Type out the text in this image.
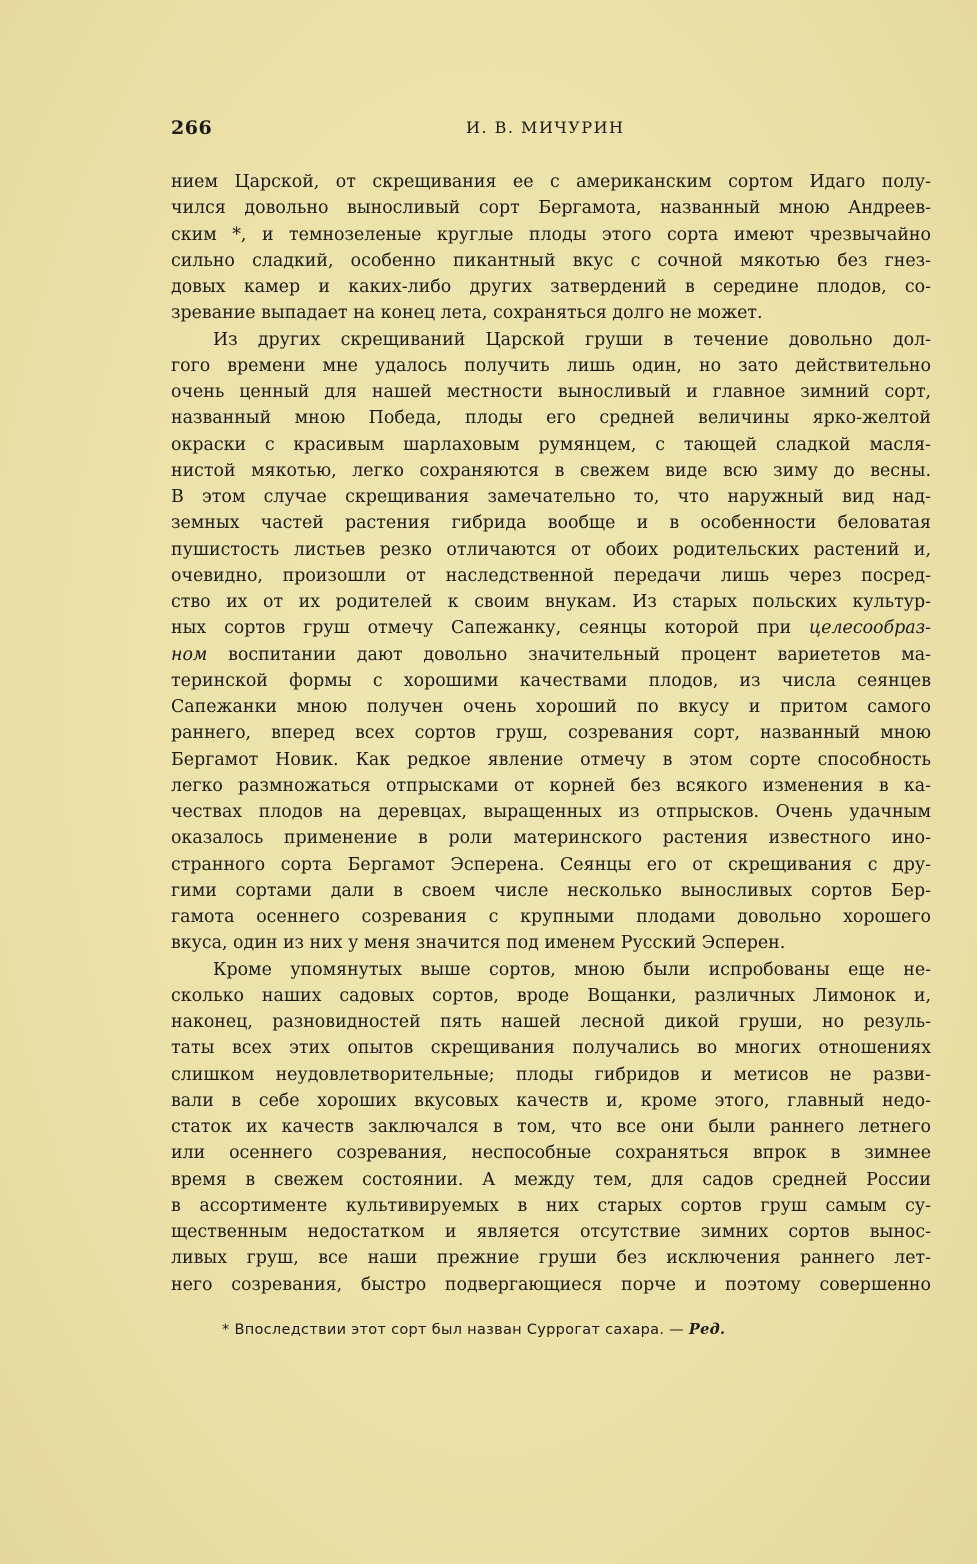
266	И. В. МИЧУРИН
нием Царской, от скрещивания ее с американским сортом Идаго полу-
чился довольно выносливый сорт Бергамота, названный мною Андреев-
ским *, и темнозеленые круглые плоды этого сорта имеют чрезвычайно
сильно сладкий, особенно пикантный вкус с сочной мякотью без гнез-
довых камер и каких-либо других затвердений в середине плодов, со-
зревание выпадает на конец лета, сохраняться долго не может.
Из других скрещиваний Царской груши в течение довольно дол-
гого времени мне удалось получить лишь один, но зато действительно
очень ценный для нашей местности выносливый и главное зимний сорт,
названный мною Победа, плоды его средней величины ярко-желтой
окраски с красивым шарлаховым румянцем, с тающей сладкой масля-
нистой мякотью, легко сохраняются в свежем виде всю зиму до весны.
В этом случае скрещивания замечательно то, что наружный вид над-
земных частей растения гибрида вообще и в особенности беловатая
пушистость листьев резко отличаются от обоих родительских растений и,
очевидно, произошли от наследственной передачи лишь через посред-
ство их от их родителей к своим внукам. Из старых польских культур-
ных сортов груш отмечу Сапежанку, сеянцы которой при целесообраз-
ном воспитании дают довольно значительный процент вариететов ма-
теринской формы с хорошими качествами плодов, из числа сеянцев
Сапежанки мною получен очень хороший по вкусу и притом самого
раннего, вперед всех сортов груш, созревания сорт, названный мною
Бергамот Новик. Как редкое явление отмечу в этом сорте способность
легко размножаться отпрысками от корней без всякого изменения в ка-
чествах плодов на деревцах, выращенных из отпрысков. Очень удачным
оказалось применение в роли материнского растения известного ино-
странного сорта Бергамот Эсперена. Сеянцы его от скрещивания с дру-
гими сортами дали в своем числе несколько выносливых сортов Бер-
гамота осеннего созревания с крупными плодами довольно хорошего
вкуса, один из них у меня значится под именем Русский Эсперен.
Кроме упомянутых выше сортов, мною были испробованы еще не-
сколько наших садовых сортов, вроде Вощанки, различных Лимонок и,
наконец, разновидностей пять нашей лесной дикой груши, но резуль-
таты всех этих опытов скрещивания получались во многих отношениях
слишком неудовлетворительные; плоды гибридов и метисов не разви-
вали в себе хороших вкусовых качеств и, кроме этого, главный недо-
статок их качеств заключался в том, что все они были раннего летнего
или осеннего созревания, неспособные сохраняться впрок в зимнее
время в свежем состоянии. А между тем, для садов средней России
в ассортименте культивируемых в них старых сортов груш самым су-
щественным недостатком и является отсутствие зимних сортов вынос-
ливых груш, все наши прежние груши без исключения раннего лет-
него созревания, быстро подвергающиеся порче и поэтому совершенно
* Впоследствии этот сорт был назван Суррогат сахара. — Ред.
